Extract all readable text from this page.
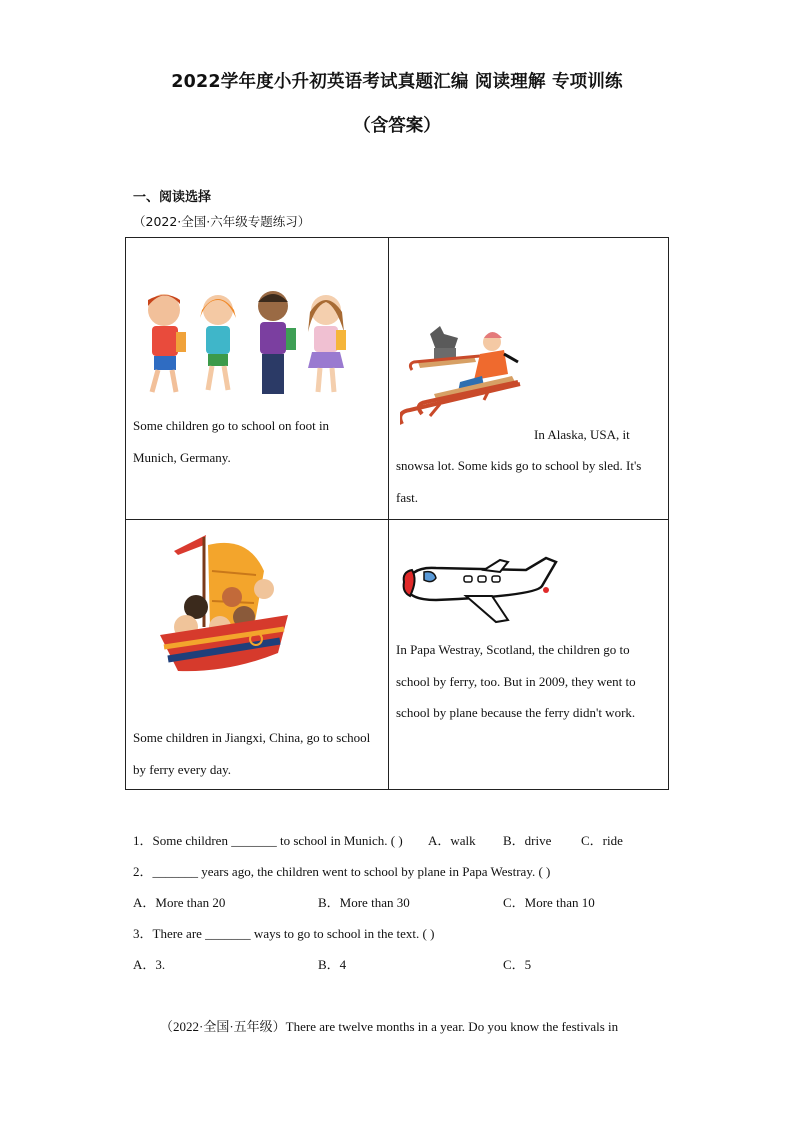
2022学年度小升初英语考试真题汇编 阅读理解 专项训练
（含答案）
一、阅读选择
（2022·全国·六年级专题练习）
Some children go to school on foot in Munich, Germany.
In Alaska, USA, it
snowsa lot. Some kids go to school by sled. It's fast.
Some children in Jiangxi, China, go to school by ferry every day.
In Papa Westray, Scotland, the children go to school by ferry, too. But in 2009, they went to school by plane because the ferry didn't work.
1．Some children _______ to school in Munich. ( ) A．walk B．drive C．ride
2．_______ years ago, the children went to school by plane in Papa Westray. ( )
A．More than 20	B．More than 30	C．More than 10
3．There are _______ ways to go to school in the text. ( )
A．3.	B．4	C．5
（2022·全国·五年级）There are twelve months in a year. Do you know the festivals in
